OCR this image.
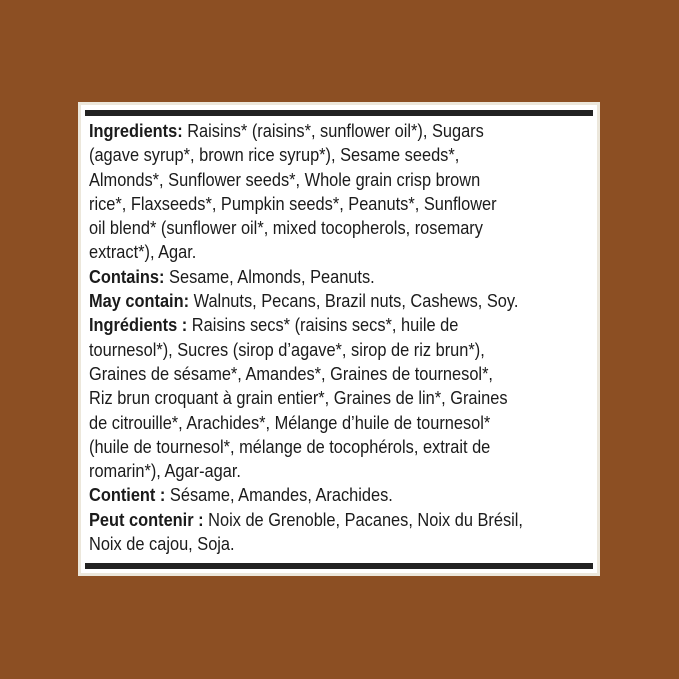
Ingredients: Raisins* (raisins*, sunflower oil*), Sugars

(agave syrup*, brown rice syrup*), Sesame seeds*,

Almonds*, Sunflower seeds*, Whole grain crisp brown

rice*, Flaxseeds*, Pumpkin seeds*, Peanuts*, Sunflower

oil blend* (sunflower oil*, mixed tocopherols, rosemary

extract*), Agar.

Contains: Sesame, Almonds, Peanuts.

May contain: Walnuts, Pecans, Brazil nuts, Cashews, Soy.

Ingrédients : Raisins secs* (raisins secs*, huile de

tournesol*), Sucres (sirop d’agave*, sirop de riz brun*),

Graines de sésame*, Amandes*, Graines de tournesol*,

Riz brun croquant à grain entier*, Graines de lin*, Graines

de citrouille*, Arachides*, Mélange d’huile de tournesol*

(huile de tournesol*, mélange de tocophérols, extrait de

romarin*), Agar-agar.

Contient : Sésame, Amandes, Arachides.

Peut contenir : Noix de Grenoble, Pacanes, Noix du Brésil,

Noix de cajou, Soja.
